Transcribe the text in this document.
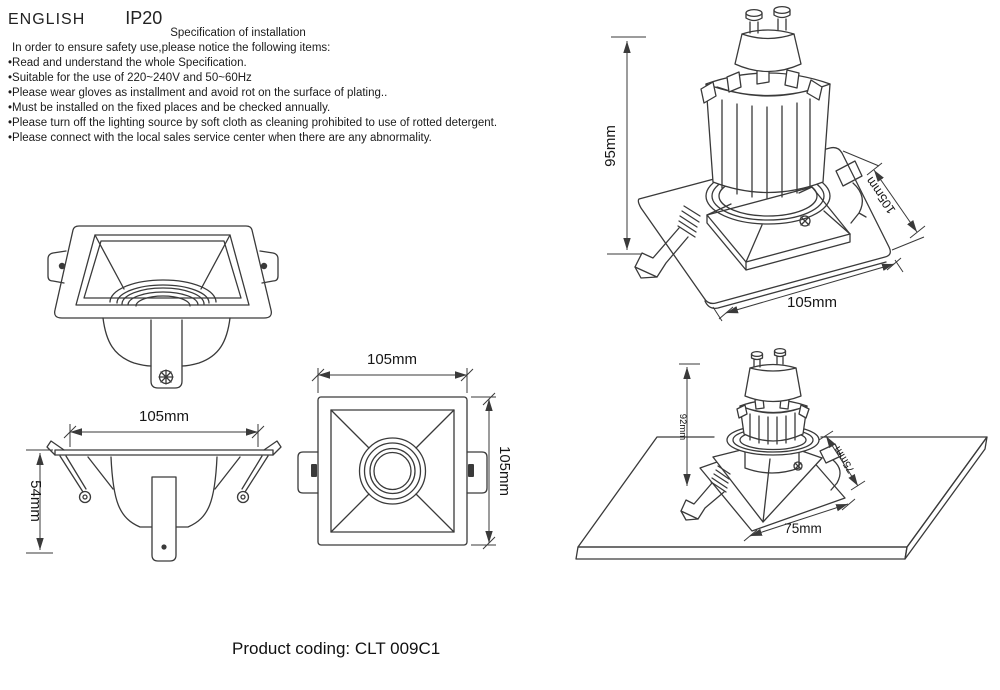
ENGLISH IP20
Specification of installation
In order to ensure safety use,please notice the following items:
•Read and understand the whole Specification.
•Suitable for the use of 220~240V and 50~60Hz
•Please wear gloves as installment and avoid rot on the surface of plating..
•Must be installed on the fixed places and be checked annually.
•Please turn off the lighting source by soft cloth as cleaning prohibited to use of rotted detergent.
•Please connect with the local sales service center when there are any abnormality.	95mm
105mm
105mm
105mm
54mm
105mm
105mm
92mm
75mm
75mm
Product coding: CLT 009C1
